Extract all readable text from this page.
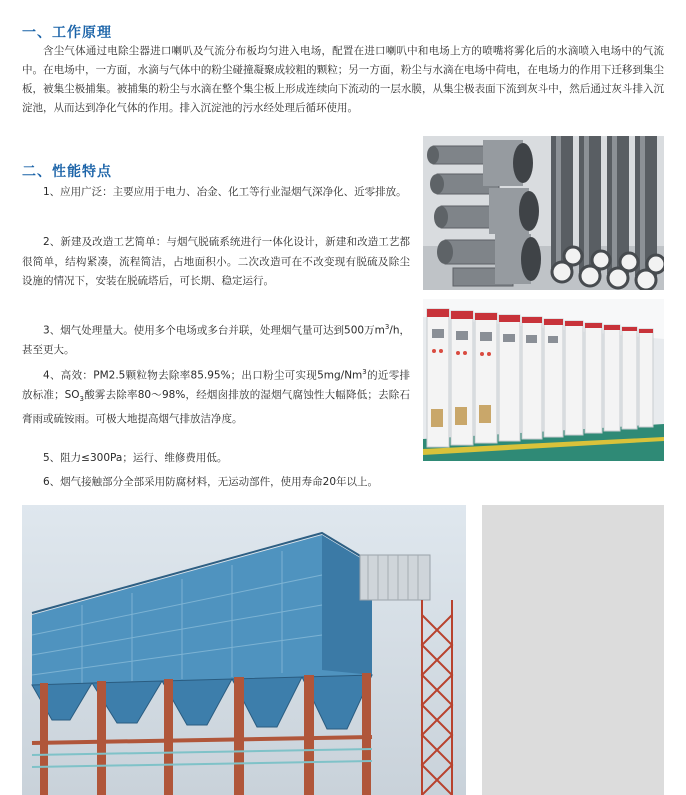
一、工作原理

含尘气体通过电除尘器进口喇叭及气流分布板均匀进入电场，配置在进口喇叭中和电场上方的喷嘴将雾化后的水滴喷入电场中的气流中。在电场中，一方面，水滴与气体中的粉尘碰撞凝聚成较粗的颗粒；另一方面，粉尘与水滴在电场中荷电，在电场力的作用下迁移到集尘板，被集尘极捕集。被捕集的粉尘与水滴在整个集尘板上形成连续向下流动的一层水膜，从集尘极表面下流到灰斗中，然后通过灰斗排入沉淀池，从而达到净化气体的作用。排入沉淀池的污水经处理后循环使用。

二、性能特点

1、应用广泛：主要应用于电力、冶金、化工等行业湿烟气深净化、近零排放。

2、新建及改造工艺简单：与烟气脱硫系统进行一体化设计，新建和改造工艺都很简单，结构紧凑，流程简洁，占地面积小。二次改造可在不改变现有脱硫及除尘设施的情况下，安装在脱硫塔后，可长期、稳定运行。

3、烟气处理量大。使用多个电场或多台并联，处理烟气量可达到500万$m^3/h$，甚至更大。

4、高效：PM2.5颗粒物去除率85.95%；出口粉尘可实现5mg/Nm$^3$的近零排放标准；$SO_3$酸雾去除率80～98%，经烟囱排放的湿烟气腐蚀性大幅降低；去除石膏雨或硫铵雨。可极大地提高烟气排放洁净度。

5、阻力≤300Pa；运行、维修费用低。

6、烟气接触部分全部采用防腐材料，无运动部件，使用寿命20年以上。
